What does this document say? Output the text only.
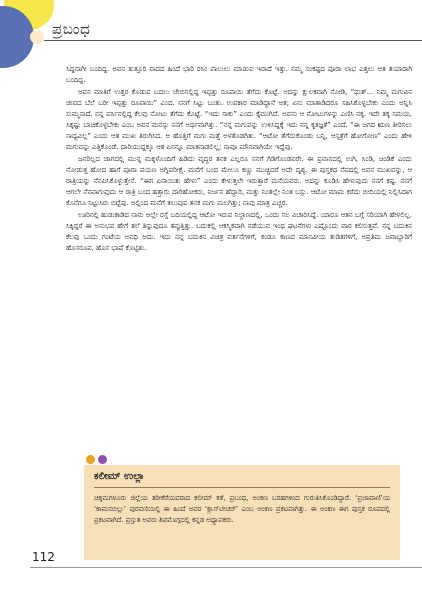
ಪ್ರಬಂಧ

ಸಿದ್ದನಾಗೀ ಬಂದಿದ್ದ. ಅವನ ತುತ್ತೂರಿ ನಾದದ ಹಿಂದೆ ಭಾರಿ ರಸಿಂ ಪಾಲುಲು ಮಾಡುವ ಇರಾದೆ ಇತ್ತು. ನಮ್ಮ ಸಂಕಷ್ಟದ ಪೂರಾ ಲಾಭ ಎತ್ತಲು ಆತ ತಯಾರಾಗಿ ಬಂದಿದ್ದ.

ಅವನ ಮಾತಿಗೆ ಉತ್ತರ ಕೊಡುವ ಬದಲು ಜೇಬಿನಲ್ಲಿದ್ದ ಇಪ್ಪತ್ತು ರೂಪಾಯಿ ತೆಗೆದು ಕೊಟ್ಟೆ. ಅದನ್ನು ಕ್ಷುಲಕವಾಗಿ ನೋಡಿ, “ಥುತ್... ನಿಮ್ಮ ಮಗುವಿನ ಜೀವದ ಬೆಲೆ ಬರೀ ಇಪ್ಪತ್ತು ರೂಪಾಯಿ” ಎಂದ. ನನಗೆ ಸಿಟ್ಟು ಬಂತು. ಉಪಕಾರ ಮಾಡಿದ್ದಾನೆ ಆತ; ಏನು ಮಾತಾಡಿದರೂ ಸಹಿಸಿಕೊಳ್ಳಬೇಕು ಎಂದು ಅನ್ನಿಸಿ ಸುಮ್ಮನಾದೆ. ನನ್ನ ಪರ್ಸಿನಲ್ಲಿದ್ದ ಕೆಲವು ನೋಟು ತೆಗೆದು ಕೊಟ್ಟೆ. “ಇದು ಸಾಕು” ಎಂದು ಕೈಮುಗಿದೆ. ಅವನು ಆ ನೋಟುಗಳನ್ನು ಎಣಿಸಿ ನಕ್ಕ. ಇದೇ ತಕ್ಕ ಸಮಯ, ಸಿಕ್ಕಷ್ಟು ಬಾಚಿಕೊಳ್ಳಬೇಕು ಎಂಬ ಅವನ ಮನಸ್ಸು ನನಗೆ ಅರ್ಥವಾಗಿತ್ತು. “ನನ್ನ ಮಗುವನ್ನು ಉಳಿಸಿದ್ದಕ್ಕೆ ಇದು ನನ್ನ ಕೃತಜ್ಞತೆ” ಎಂದೆ. “ಈ ಜಗದ ಋಣ ತೀರಿಸಲು ಸಾಧ್ಯವಿಲ್ಲ” ಎಂದು ಆತ ಮುಖ ತಿರುಗಿಸಿದ. ಆ ಹೊತ್ತಿಗೆ ಮಗು ಮತ್ತೆ ಅಳತೊಡಗಿತು. “ಆಟೋ ತೆಗೆದುಕೊಂಡು ಬನ್ನಿ, ಆಸ್ಪತ್ರೆಗೆ ಹೋಗೋಣ” ಎಂದು ಹೇಳಿ ಮಗುವನ್ನು ಎತ್ತಿಕೊಂಡೆ. ದಾರಿಯುದ್ದಕ್ಕೂ ಆತ ಏನನ್ನೂ ಮಾತನಾಡಲಿಲ್ಲ; ನಾವೂ ಮೌನವಾಗಿಯೇ ಇದ್ದೆವು.

ಜನರಿಲ್ಲದ ಜಾಗದಲ್ಲಿ ಮುನ್ನ ಮಕ್ಕಳೊಂದಿಗೆ ಹಿಡಿದು ವೃದ್ಧರ ತನಕ ಎಲ್ಲರೂ ನನಗೆ ಗಿಡಿಗೊಂಡವರೇ. ಈ ಪ್ರವಾಸದಲ್ಲಿ ಉಗಿ, ಸಿಂಡಿ, ಜಂಡಿಕೆ ಎಂದು ನೋಡುತ್ತ ಹೋದ ಹಾಗೆ ಪೂರಾ ಪಯಣ ಅಗ್ನಿಪರೀಕ್ಷೆ. ಮನೆಗೆ ಬಂದ ಮೇಲೂ ಕಣ್ಣು ಮುಚ್ಚಿದರೆ ಅದೇ ದೃಶ್ಯ. ಈ ಪುಸ್ತಕದ ನೆಪದಲ್ಲಿ ಅವನ ಮುಖವನ್ನು, ಆ ರಾತ್ರಿಯನ್ನು ನೆನಪಿಸಿಕೊಳ್ಳುತ್ತೇನೆ. “ಈಗ ಏನಾಯಿತು ಹೇಳು” ಎಂದು ಕೇಳುತ್ತಲೇ ಇರುತ್ತಾರೆ ಮನೆಯವರು. ಅದನ್ನು ಕೂಡಿಸಿ ಹೇಳುವುದು ನನಗೆ ಕಷ್ಟ. ನನಗೆ ಆಗಲೇ ನೆನಪಾಗುವುದು ಆ ರಾತ್ರಿ ಬಂದ ಹತ್ತಾರು ದಾರಿಹೋಕರು, ನಿರ್ಜನ ಹೆದ್ದಾರಿ, ಮತ್ತು ನಿಂತಲ್ಲೇ ನಿಂತ ಬಸ್ಸು. ಆಟೋ ಮಾಮ ಕರೆದು ಬೀದಿಯಲ್ಲಿ ನಿಲ್ಲಿಸಿದಾಗ ಕೊನೆಗೂ ನಿಟ್ಟುಸಿರು ಬಿಟ್ಟೆವು. ಅಲ್ಲಿಂದ ಮನೆಗೆ ತಲುಪುವ ತನಕ ಮಗು ಮಲಗಿತ್ತು; ನಾವು ಮಾತ್ರ ಎಚ್ಚರ.

ಊರಿನಲ್ಲಿ ಹುಡುಕಾಡಿದ ನಾನು ಅಲ್ಲೇ ರಸ್ತೆ ಬದಿಯಲ್ಲಿದ್ದ ಆಟೋ ಇರುವ ನಿಲ್ದಾಣದಲ್ಲಿ, ಒಂದು ಸಲ ವಿಚಾರಿಸಿದ್ದೆ. ಯಾರೂ ಆತನ ಬಗ್ಗೆ ಸರಿಯಾಗಿ ಹೇಳಲಿಲ್ಲ. ಸಿಕ್ಕಿದ್ದರೆ ಈ ಅನುಭವ ಹೇಗೆ ತಲೆ ತಿನ್ನುವುದೂ ತಪ್ಪುತ್ತಿತ್ತು. ಬದುಕಲ್ಲಿ ಆಕಸ್ಮಿಕವಾಗಿ ನಡೆಯುವ ಇಂಥ ಘಟನೆಗಳು ಎಷ್ಟೊಂದು ಪಾಠ ಕಲಿಸುತ್ತವೆ. ನನ್ನ ಬದುಕಿನ ಕೆಲವು ಒಂದು ಗಂಟೆಯ ಅವಧಿ ಅದು. ಇದು ನನ್ನ ಬದುಕಿನ ವಿಚಿತ್ರ ವರ್ತನೆಗಳಿಗೆ, ಕಂಡೂ ಕಾಣದ ಮಾನವೀಯ ತುಡಿತಗಳಿಗೆ, ಅಪ್ರತಿಮ ಜವಾಬ್ದಾರಿಗೆ ಹೊಸರೂಪ, ಹೊಸ ಭಾಷೆ ಕೊಟ್ಟಿತು.

ಕಲೀಮ್ ಉಲ್ಲಾ
ಚಿಕ್ಕಮಗಳೂರು ಜಿಲ್ಲೆಯ ತರೀಕೆರೆಯವರಾದ ಕಲೀಮ್ ಕತೆ, ಪ್ರಬಂಧ, ಅಂಕಣ ಬರಹಗಳಿಂದ ಗುರುತಿಸಿಕೊಂಡಿದ್ದಾರೆ. ‘ಪ್ರಜಾವಾಣಿ’ಯ ‘ಕಾಮನಬಿಲ್ಲು’ ಪುರವಣಿಯಲ್ಲಿ ಈ ಹಿಂದೆ ಅವರ ‘ಕ್ಲಾಸ್‌ಟೀಚರ್’ ಎಂಬ ಅಂಕಣ ಪ್ರಕಟವಾಗಿತ್ತು. ಈ ಅಂಕಣ ಈಗ ಪುಸ್ತಕ ರೂಪದಲ್ಲಿ ಪ್ರಕಟವಾಗಿದೆ. ಪ್ರಸ್ತುತ ಅವರು ಶಿವಮೊಗ್ಗದಲ್ಲಿ ಕನ್ನಡ ಅಧ್ಯಾಪಕರು.
112
